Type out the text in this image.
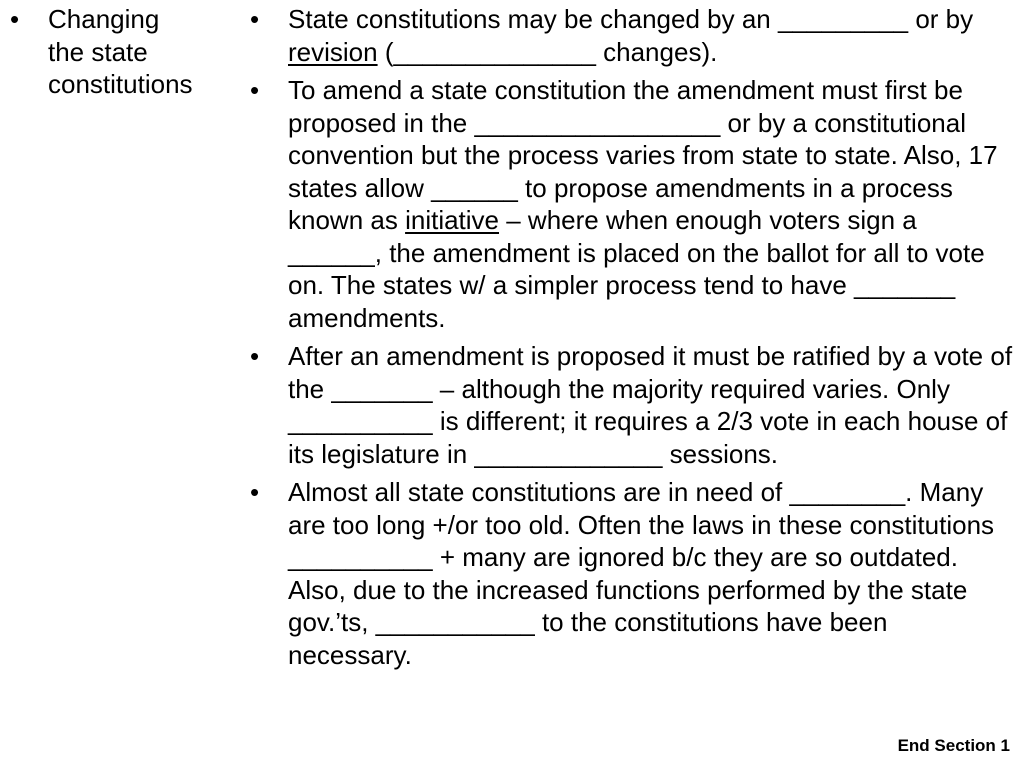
• Changing
the state
constitutions
• State constitutions may be changed by an _________ or by revision (______________ changes).
• To amend a state constitution the amendment must first be proposed in the _________________ or by a constitutional convention but the process varies from state to state. Also, 17 states allow ______ to propose amendments in a process known as initiative – where when enough voters sign a ______, the amendment is placed on the ballot for all to vote on. The states w/ a simpler process tend to have _______ amendments.
• After an amendment is proposed it must be ratified by a vote of the _______ – although the majority required varies. Only __________ is different; it requires a 2/3 vote in each house of its legislature in _____________ sessions.
• Almost all state constitutions are in need of ________. Many are too long +/or too old. Often the laws in these constitutions __________ + many are ignored b/c they are so outdated. Also, due to the increased functions performed by the state gov.’ts, ___________ to the constitutions have been necessary.
End Section 1
